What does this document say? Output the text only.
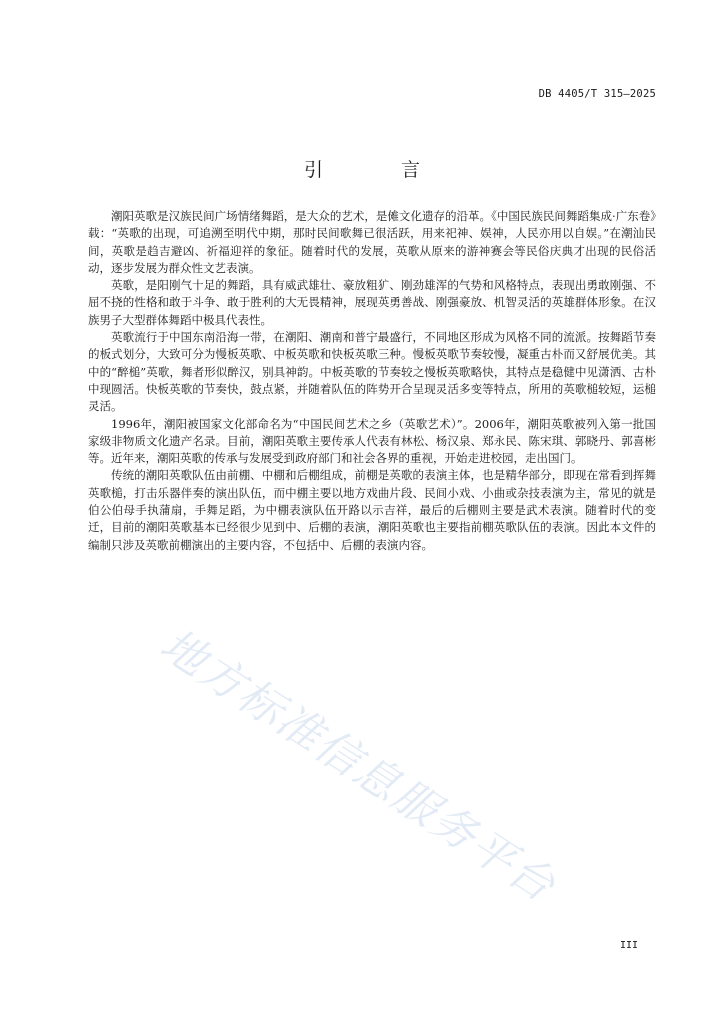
DB 4405/T 315—2025
引 言

潮阳英歌是汉族民间广场情绪舞蹈，是大众的艺术，是傩文化遗存的沿革。《中国民族民间舞蹈集成·广东卷》载：“英歌的出现，可追溯至明代中期，那时民间歌舞已很活跃，用来祀神、娱神，人民亦用以自娱。”在潮汕民间，英歌是趋吉避凶、祈福迎祥的象征。随着时代的发展，英歌从原来的游神赛会等民俗庆典才出现的民俗活动，逐步发展为群众性文艺表演。

英歌，是阳刚气十足的舞蹈，具有威武雄壮、豪放粗犷、刚劲雄浑的气势和风格特点，表现出勇敢刚强、不屈不挠的性格和敢于斗争、敢于胜利的大无畏精神，展现英勇善战、刚强豪放、机智灵活的英雄群体形象。在汉族男子大型群体舞蹈中极具代表性。

英歌流行于中国东南沿海一带，在潮阳、潮南和普宁最盛行，不同地区形成为风格不同的流派。按舞蹈节奏的板式划分，大致可分为慢板英歌、中板英歌和快板英歌三种。慢板英歌节奏较慢，凝重古朴而又舒展优美。其中的“醉槌”英歌，舞者形似醉汉，别具神韵。中板英歌的节奏较之慢板英歌略快，其特点是稳健中见潇洒、古朴中现圆活。快板英歌的节奏快，鼓点紧，并随着队伍的阵势开合呈现灵活多变等特点，所用的英歌槌较短，运槌灵活。

1996年，潮阳被国家文化部命名为“中国民间艺术之乡（英歌艺术）”。2006年，潮阳英歌被列入第一批国家级非物质文化遗产名录。目前，潮阳英歌主要传承人代表有林松、杨汉泉、郑永民、陈宋琪、郭晓丹、郭喜彬等。近年来，潮阳英歌的传承与发展受到政府部门和社会各界的重视，开始走进校园，走出国门。

传统的潮阳英歌队伍由前棚、中棚和后棚组成，前棚是英歌的表演主体，也是精华部分，即现在常看到挥舞英歌槌，打击乐器伴奏的演出队伍，而中棚主要以地方戏曲片段、民间小戏、小曲或杂技表演为主，常见的就是伯公伯母手执蒲扇，手舞足蹈，为中棚表演队伍开路以示吉祥，最后的后棚则主要是武术表演。随着时代的变迁，目前的潮阳英歌基本已经很少见到中、后棚的表演，潮阳英歌也主要指前棚英歌队伍的表演。因此本文件的编制只涉及英歌前棚演出的主要内容，不包括中、后棚的表演内容。

地方标准信息服务平台
III
